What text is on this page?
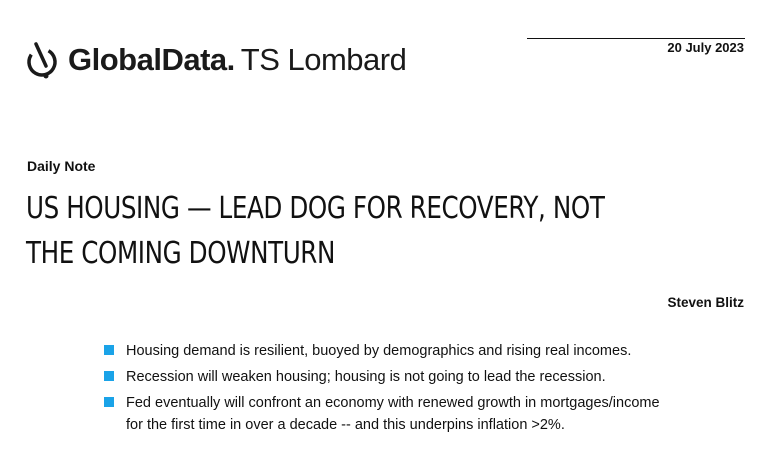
GlobalData. TS Lombard	20 July 2023
Daily Note
US HOUSING — LEAD DOG FOR RECOVERY, NOT
THE COMING DOWNTURN
Steven Blitz
Housing demand is resilient, buoyed by demographics and rising real incomes.
Recession will weaken housing; housing is not going to lead the recession.
Fed eventually will confront an economy with renewed growth in mortgages/income for the first time in over a decade -- and this underpins inflation >2%.
